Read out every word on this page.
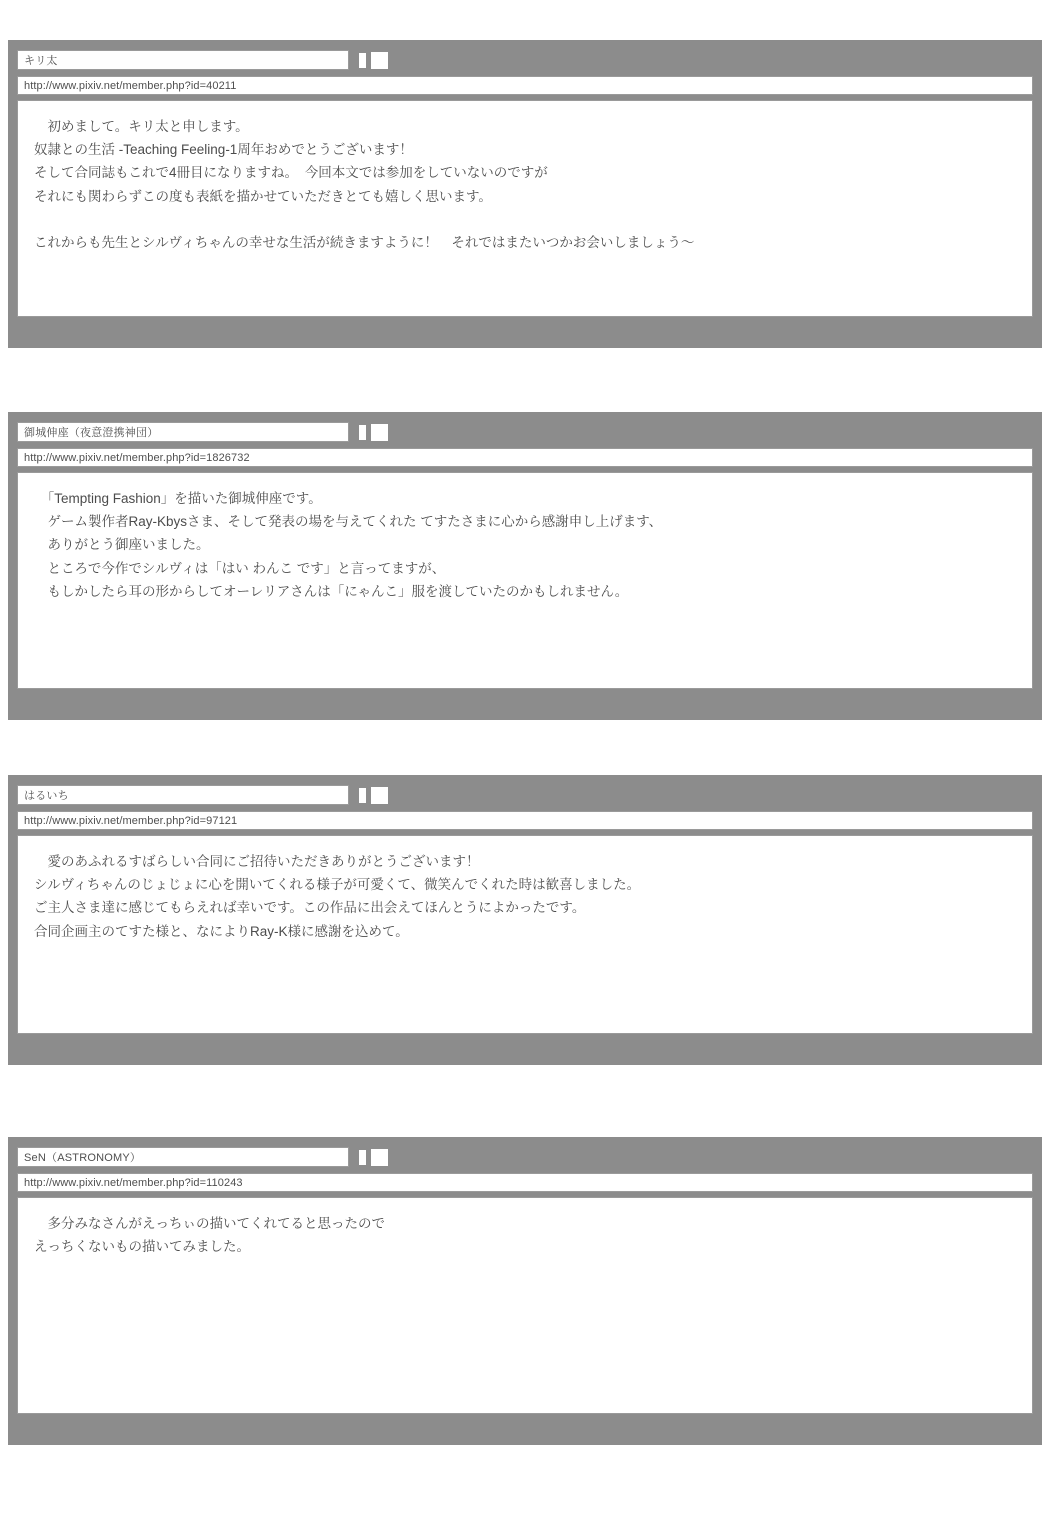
キリ太
http://www.pixiv.net/member.php?id=40211

　初めまして。キリ太と申します。

奴隷との生活 -Teaching Feeling-1周年おめでとうございます！

そして合同誌もこれで4冊目になりますね。　今回本文では参加をしていないのですが

それにも関わらずこの度も表紙を描かせていただきとても嬉しく思います。

これからも先生とシルヴィちゃんの幸せな生活が続きますように！　それではまたいつかお会いしましょう～

御城伸座（夜意澄携神団）
http://www.pixiv.net/member.php?id=1826732

　「Tempting Fashion」を描いた御城伸座です。

　ゲーム製作者Ray-Kbysさま、そして発表の場を与えてくれた てすたさまに心から感謝申し上げます、

　ありがとう御座いました。

　ところで今作でシルヴィは「はい わんこ です」と言ってますが、

　もしかしたら耳の形からしてオーレリアさんは「にゃんこ」服を渡していたのかもしれません。

はるいち
http://www.pixiv.net/member.php?id=97121

　愛のあふれるすばらしい合同にご招待いただきありがとうございます！

シルヴィちゃんのじょじょに心を開いてくれる様子が可愛くて、微笑んでくれた時は歓喜しました。

ご主人さま達に感じてもらえれば幸いです。この作品に出会えてほんとうによかったです。

合同企画主のてすた様と、なによりRay-K様に感謝を込めて。

SeN（ASTRONOMY）
http://www.pixiv.net/member.php?id=110243

　多分みなさんがえっちぃの描いてくれてると思ったので

えっちくないもの描いてみました。
